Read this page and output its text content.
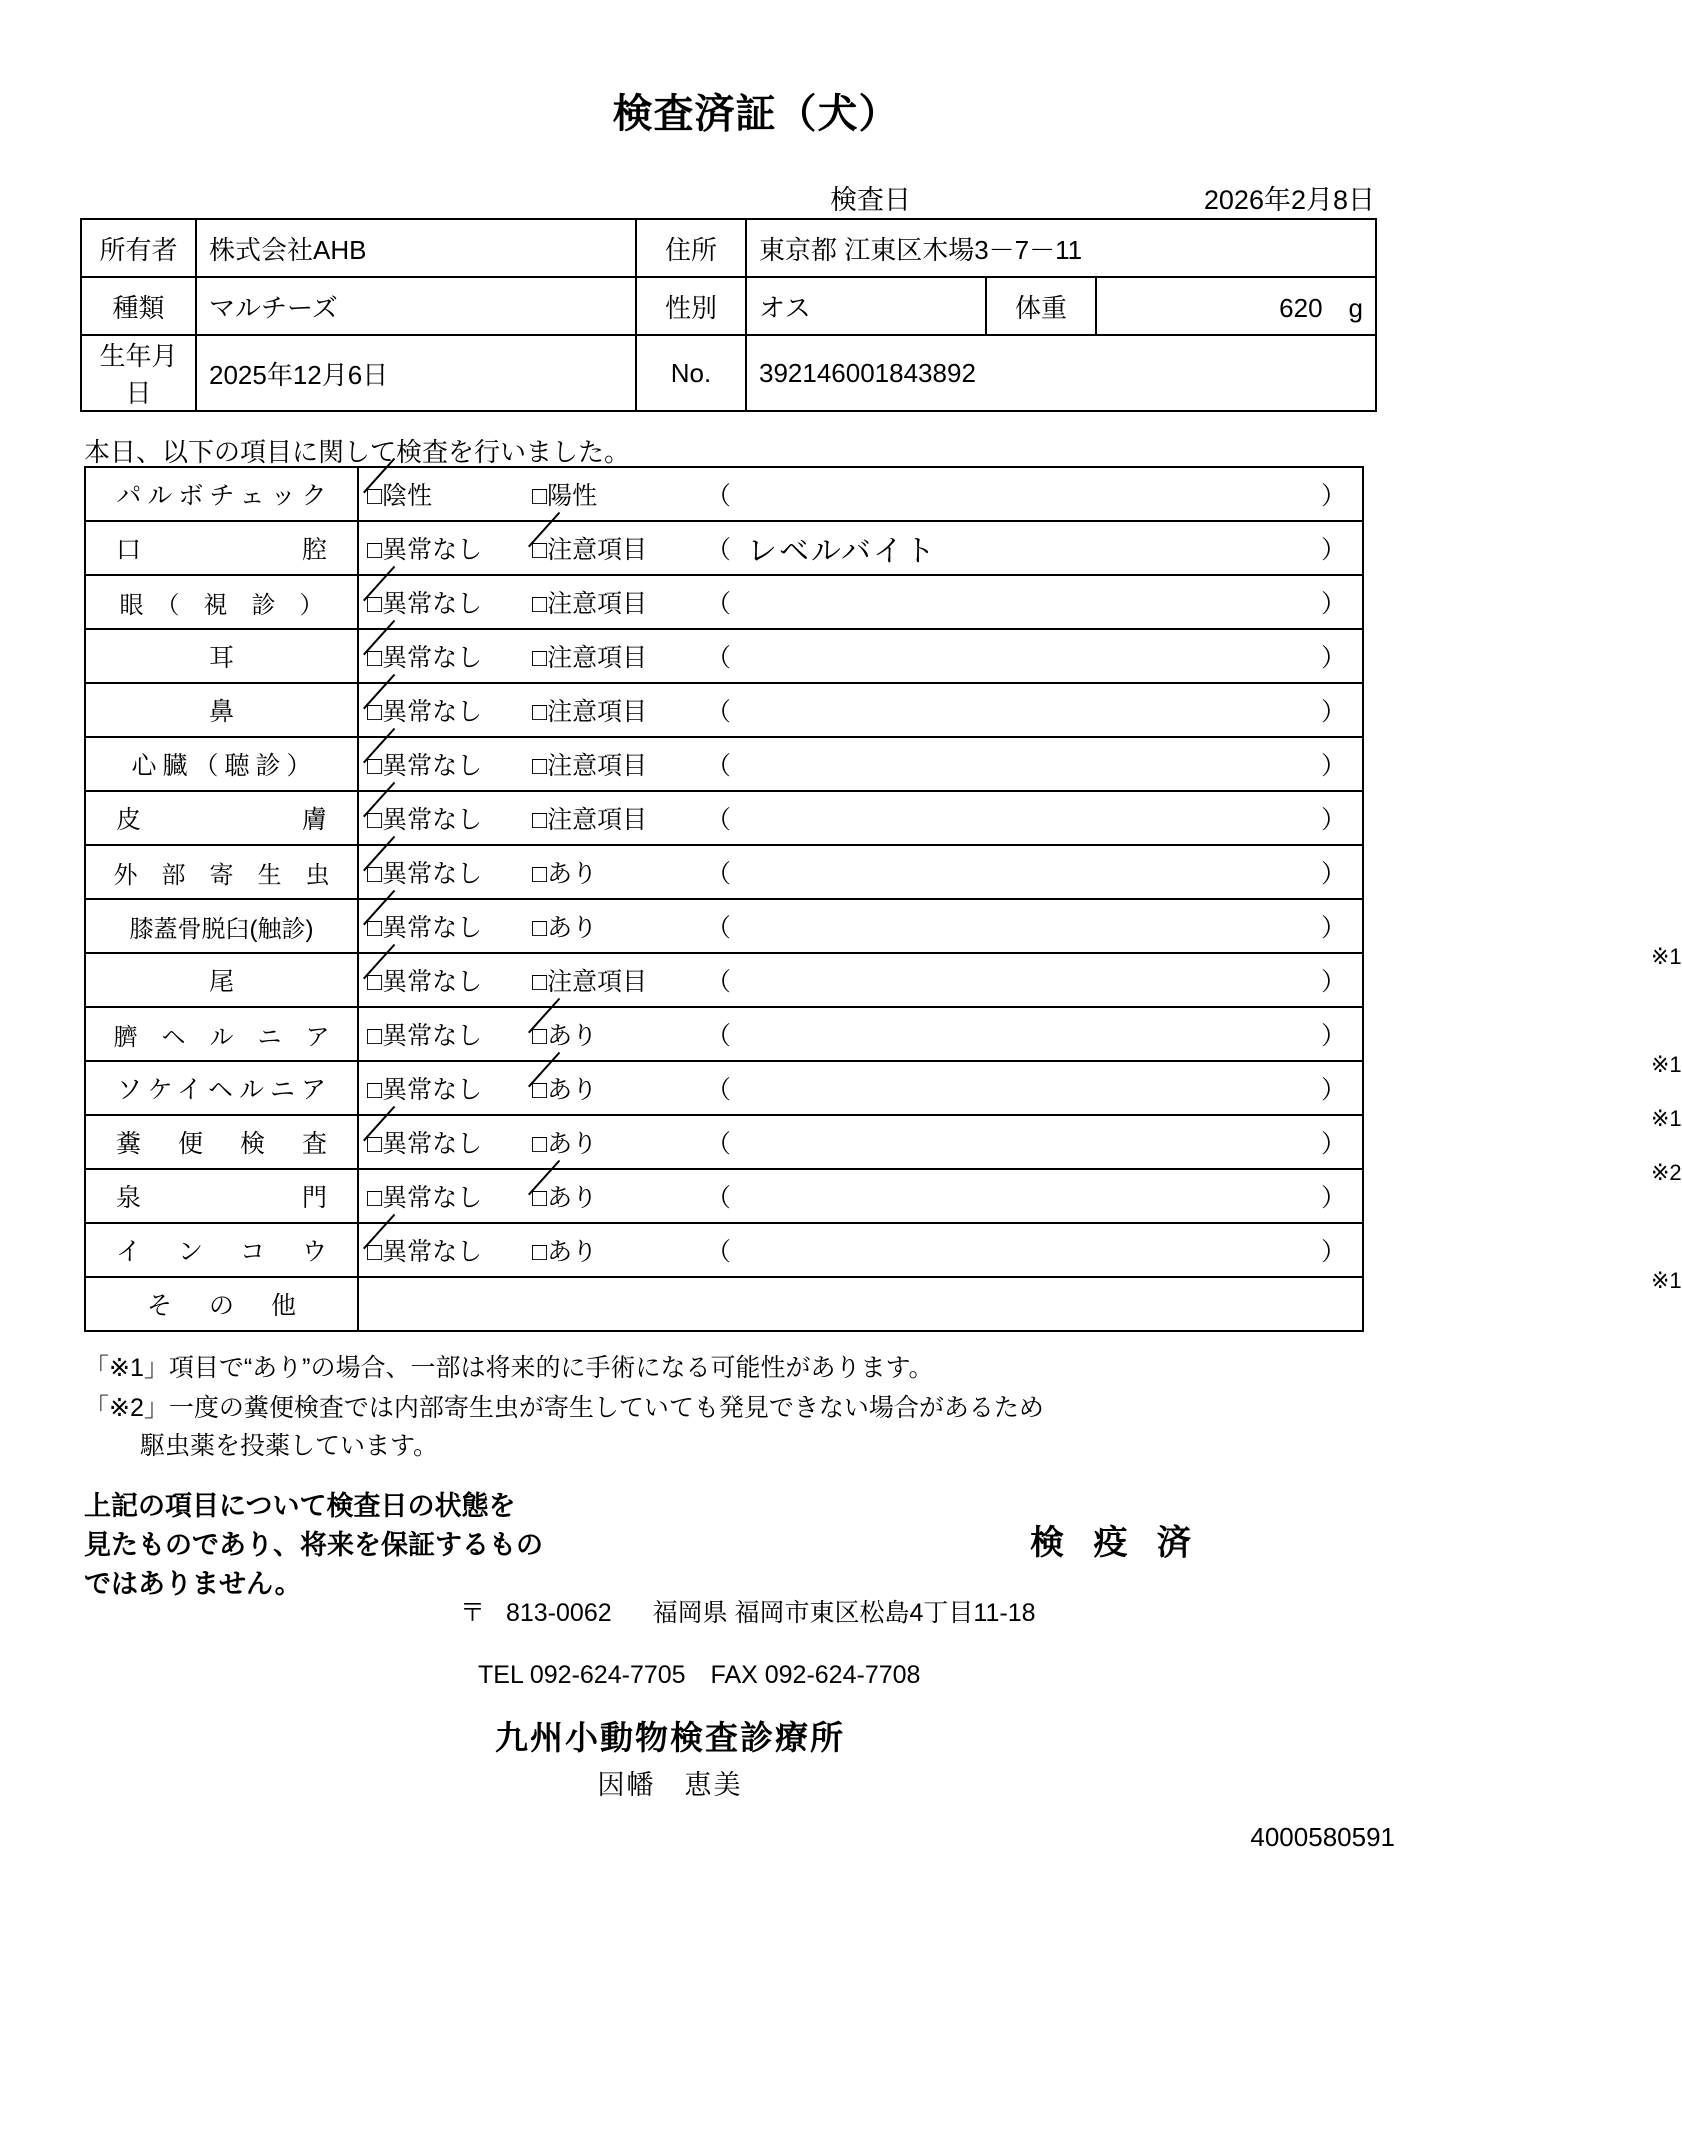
検査済証（犬）
検査日	2026年2月8日
所有者	株式会社AHB	住所	東京都 江東区木場3－7－11		
種類	マルチーズ	性別	オス	体重	620　g
生年月日	2025年12月6日	No.	392146001843892		
本日、以下の項目に関して検査を行いました。
パルボチェック	□陰性 □陽性 （ ）

口　　　　　腔	□異常なし □注意項目 （ レベルバイト ）

眼　（　視　診　）	□異常なし □注意項目 （ ）

耳	□異常なし □注意項目 （ ）

鼻	□異常なし □注意項目 （ ）

心臓（聴診）	□異常なし □注意項目 （ ）

皮　　　　　膚	□異常なし □注意項目 （ ）

外　部　寄　生　虫	□異常なし □あり （ ）

膝蓋骨脱臼(触診)	□異常なし □あり （ ）
※1

尾	□異常なし □注意項目 （ ）

臍　ヘ　ル　ニ　ア	□異常なし □あり （ ）
※1

ソケイヘルニア	□異常なし □あり （ ）
※1

糞　便　検　査	□異常なし □あり （ ）
※2

泉　　　　　門	□異常なし □あり （ ）

イ　ン　コ　ウ	□異常なし □あり （ ）
※1

そ　の　他	
「※1」項目で“あり”の場合、一部は将来的に手術になる可能性があります。
「※2」一度の糞便検査では内部寄生虫が寄生していても発見できない場合があるため
駆虫薬を投薬しています。
上記の項目について検査日の状態を
見たものであり、将来を保証するもの
ではありません。
検 疫 済
〒 813-0062 福岡県 福岡市東区松島4丁目11-18
TEL 092-624-7705　FAX 092-624-7708
九州小動物検査診療所
因幡　恵美
4000580591
